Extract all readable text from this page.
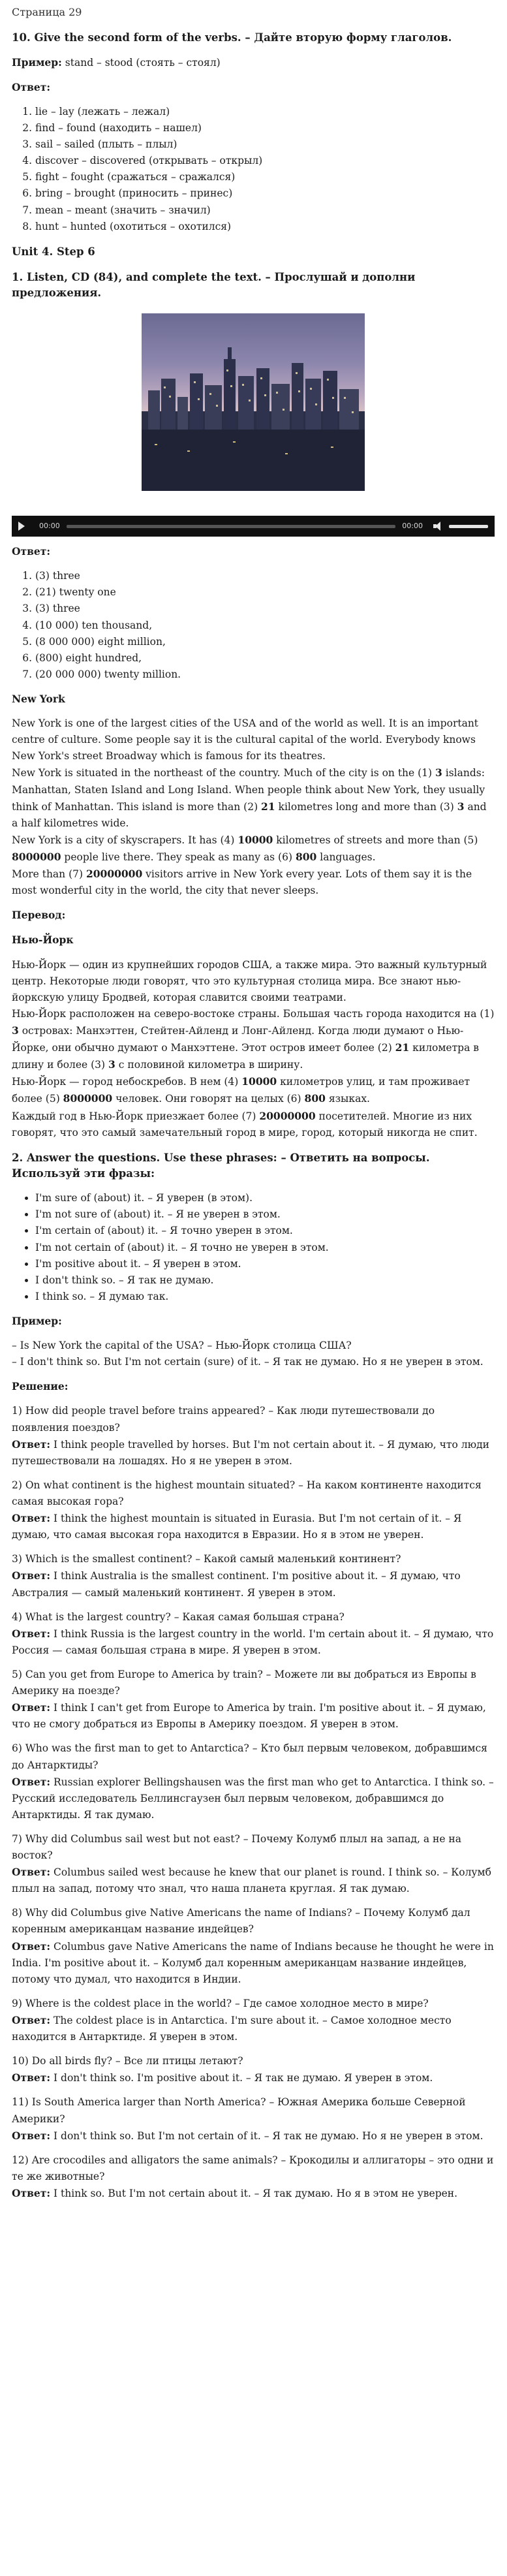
Страница 29
10. Give the second form of the verbs. – Дайте вторую форму глаголов.

Пример: stand – stood (стоять – стоял)

Ответ:

1. lie – lay (лежать – лежал)
2. find – found (находить – нашел)
3. sail – sailed (плыть – плыл)
4. discover – discovered (открывать – открыл)
5. fight – fought (сражаться – сражался)
6. bring – brought (приносить – принес)
7. mean – meant (значить – значил)
8. hunt – hunted (охотиться – охотился)
Unit 4. Step 6
1. Listen, CD (84), and complete the text. – Прослушай и дополни предложения.
00:00	00:00

Ответ:

1. (3) three
2. (21) twenty one
3. (3) three
4. (10 000) ten thousand,
5. (8 000 000) eight million,
6. (800) eight hundred,
7. (20 000 000) twenty million.

New York

New York is one of the largest cities of the USA and of the world as well. It is an important centre of culture. Some people say it is the cultural capital of the world. Everybody knows New York's street Broadway which is famous for its theatres.
New York is situated in the northeast of the country. Much of the city is on the (1) 3 islands: Manhattan, Staten Island and Long Island. When people think about New York, they usually think of Manhattan. This island is more than (2) 21 kilometres long and more than (3) 3 and a half kilometres wide.
New York is a city of skyscrapers. It has (4) 10000 kilometres of streets and more than (5) 8000000 people live there. They speak as many as (6) 800 languages.
More than (7) 20000000 visitors arrive in New York every year. Lots of them say it is the most wonderful city in the world, the city that never sleeps.

Перевод:

Нью-Йорк

Нью-Йорк — один из крупнейших городов США, а также мира. Это важный культурный центр. Некоторые люди говорят, что это культурная столица мира. Все знают нью-йоркскую улицу Бродвей, которая славится своими театрами.
Нью-Йорк расположен на северо-востоке страны. Большая часть города находится на (1) 3 островах: Манхэттен, Стейтен-Айленд и Лонг-Айленд. Когда люди думают о Нью-Йорке, они обычно думают о Манхэттене. Этот остров имеет более (2) 21 километра в длину и более (3) 3 с половиной километра в ширину.
Нью-Йорк — город небоскребов. В нем (4) 10000 километров улиц, и там проживает более (5) 8000000 человек. Они говорят на целых (6) 800 языках.
Каждый год в Нью-Йорк приезжает более (7) 20000000 посетителей. Многие из них говорят, что это самый замечательный город в мире, город, который никогда не спит.

2. Answer the questions. Use these phrases: – Ответить на вопросы. Используй эти фразы:
• I'm sure of (about) it. – Я уверен (в этом).
• I'm not sure of (about) it. – Я не уверен в этом.
• I'm certain of (about) it. – Я точно уверен в этом.
• I'm not certain of (about) it. – Я точно не уверен в этом.
• I'm positive about it. – Я уверен в этом.
• I don't think so. – Я так не думаю.
• I think so. – Я думаю так.

Пример:

– Is New York the capital of the USA? – Нью-Йорк столица США?
– I don't think so. But I'm not certain (sure) of it. – Я так не думаю. Но я не уверен в этом.

Решение:

1) How did people travel before trains appeared? – Как люди путешествовали до появления поездов?
Ответ: I think people travelled by horses. But I'm not certain about it. – Я думаю, что люди путешествовали на лошадях. Но я не уверен в этом.

2) On what continent is the highest mountain situated? – На каком континенте находится самая высокая гора?
Ответ: I think the highest mountain is situated in Eurasia. But I'm not certain of it. – Я думаю, что самая высокая гора находится в Евразии. Но я в этом не уверен.

3) Which is the smallest continent? – Какой самый маленький континент?
Ответ: I think Australia is the smallest continent. I'm positive about it. – Я думаю, что Австралия — самый маленький континент. Я уверен в этом.

4) What is the largest country? – Какая самая большая страна?
Ответ: I think Russia is the largest country in the world. I'm certain about it. – Я думаю, что Россия — самая большая страна в мире. Я уверен в этом.

5) Can you get from Europe to America by train? – Можете ли вы добраться из Европы в Америку на поезде?
Ответ: I think I can't get from Europe to America by train. I'm positive about it. – Я думаю, что не смогу добраться из Европы в Америку поездом. Я уверен в этом.

6) Who was the first man to get to Antarctica? – Кто был первым человеком, добравшимся до Антарктиды?
Ответ: Russian explorer Bellingshausen was the first man who get to Antarctica. I think so. – Русский исследователь Беллинсгаузен был первым человеком, добравшимся до Антарктиды. Я так думаю.

7) Why did Columbus sail west but not east? – Почему Колумб плыл на запад, а не на восток?
Ответ: Columbus sailed west because he knew that our planet is round. I think so. – Колумб плыл на запад, потому что знал, что наша планета круглая. Я так думаю.

8) Why did Columbus give Native Americans the name of Indians? – Почему Колумб дал коренным американцам название индейцев?
Ответ: Columbus gave Native Americans the name of Indians because he thought he were in India. I'm positive about it. – Колумб дал коренным американцам название индейцев, потому что думал, что находится в Индии.

9) Where is the coldest place in the world? – Где самое холодное место в мире?
Ответ: The coldest place is in Antarctica. I'm sure about it. – Самое холодное место находится в Антарктиде. Я уверен в этом.

10) Do all birds fly? – Все ли птицы летают?
Ответ: I don't think so. I'm positive about it. – Я так не думаю. Я уверен в этом.

11) Is South America larger than North America? – Южная Америка больше Северной Америки?
Ответ: I don't think so. But I'm not certain of it. – Я так не думаю. Но я не уверен в этом.

12) Are crocodiles and alligators the same animals? – Крокодилы и аллигаторы – это одни и те же животные?
Ответ: I think so. But I'm not certain about it. – Я так думаю. Но я в этом не уверен.
